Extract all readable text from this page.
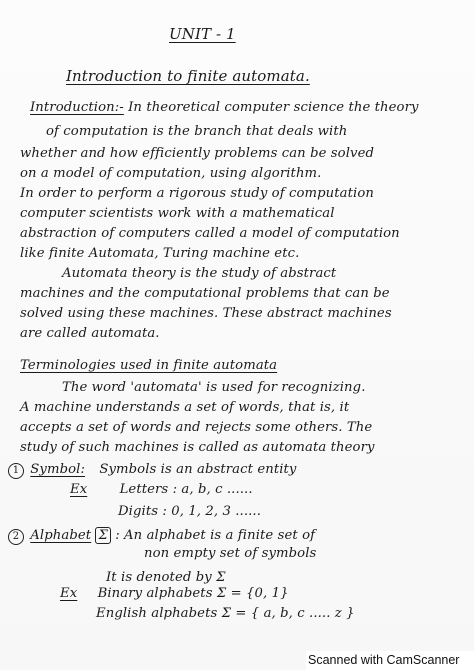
UNIT - 1
Introduction to finite automata.
Introduction:- In theoretical computer science the theory
of computation is the branch that deals with
whether and how efficiently problems can be solved
on a model of computation, using algorithm.
In order to perform a rigorous study of computation
computer scientists work with a mathematical
abstraction of computers called a model of computation
like finite Automata, Turing machine etc.
Automata theory is the study of abstract
machines and the computational problems that can be
solved using these machines. These abstract machines
are called automata.
Terminologies used in finite automata
The word 'automata' is used for recognizing.
A machine understands a set of words, that is, it
accepts a set of words and rejects some others. The
study of such machines is called as automata theory
1 Symbol: Symbols is an abstract entity
Ex Letters : a, b, c ......
Digits : 0, 1, 2, 3 ......
2 Alphabet Σ : An alphabet is a finite set of
non empty set of symbols
It is denoted by Σ
Ex Binary alphabets Σ = {0, 1}
English alphabets Σ = { a, b, c ..... z }
Scanned with CamScanner
